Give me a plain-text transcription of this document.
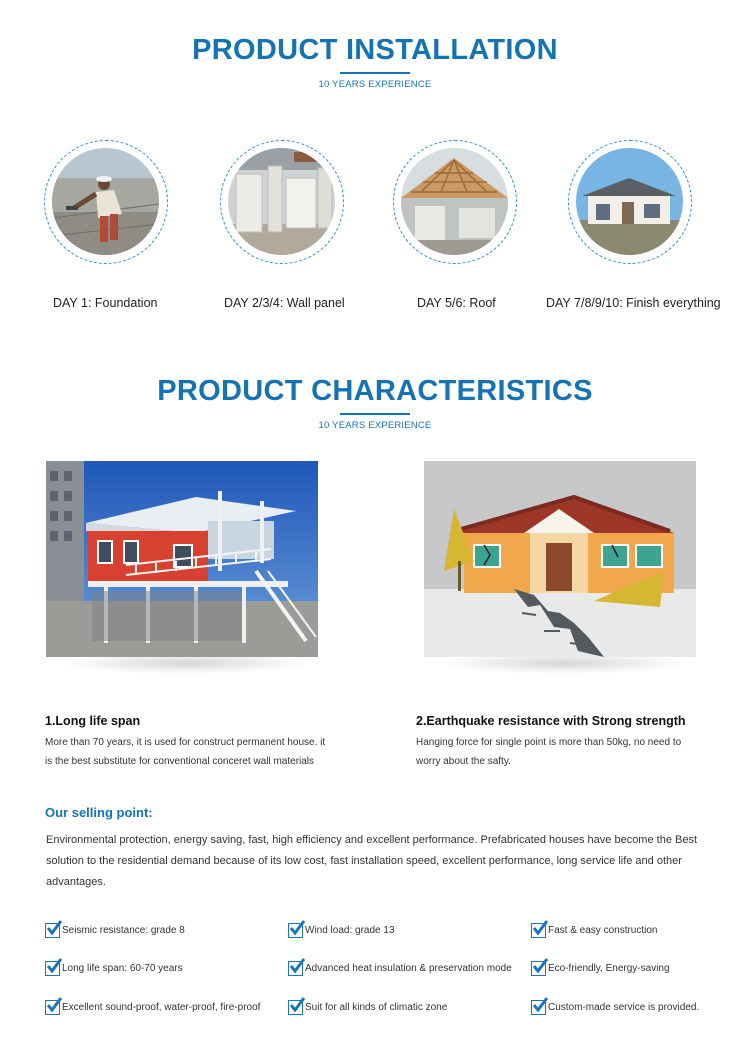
PRODUCT INSTALLATION
10 YEARS EXPERIENCE
DAY 1: Foundation	DAY 2/3/4: Wall panel	DAY 5/6: Roof	DAY 7/8/9/10: Finish everything
PRODUCT CHARACTERISTICS
10 YEARS EXPERIENCE
1.Long life span
More than 70 years, it is used for construct permanent house. it
is the best substitute for conventional conceret wall materials
2.Earthquake resistance with Strong strength
Hanging force for single point is more than 50kg, no need to
worry about the safty.
Our selling point:
Environmental protection, energy saving, fast, high efficiency and excellent performance. Prefabricated houses have become the Best solution to the residential demand because of its low cost, fast installation speed, excellent performance, long service life and other advantages.
Seismic resistance: grade 8	Wind load: grade 13	Fast & easy construction
Long life span: 60-70 years	Advanced heat insulation & preservation mode	Eco-friendly, Energy-saving
Excellent sound-proof, water-proof, fire-proof	Suit for all kinds of climatic zone	Custom-made service is provided.
